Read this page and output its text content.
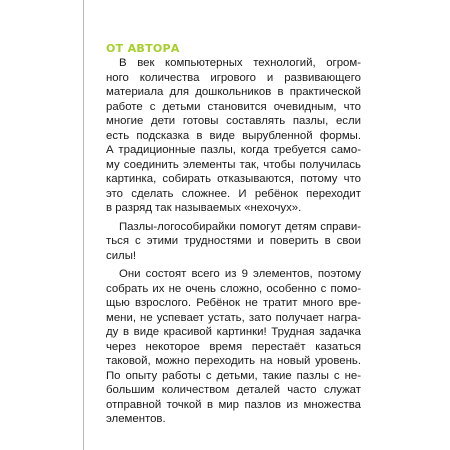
ОТ АВТОРА
В век компьютерных технологий, огром-
ного количества игрового и развивающего
материала для дошкольников в практической
работе с детьми становится очевидным, что
многие дети готовы составлять пазлы, если
есть подсказка в виде вырубленной формы.
А традиционные пазлы, когда требуется само-
му соединить элементы так, чтобы получилась
картинка, собирать отказываются, потому что
это сделать сложнее. И ребёнок переходит
в разряд так называемых «нехочух».
Пазлы-логособирайки помогут детям справи-
ться с этими трудностями и поверить в свои
силы!
Они состоят всего из 9 элементов, поэтому
собрать их не очень сложно, особенно с помо-
щью взрослого. Ребёнок не тратит много вре-
мени, не успевает устать, зато получает награ-
ду в виде красивой картинки! Трудная задачка
через некоторое время перестаёт казаться
таковой, можно переходить на новый уровень.
По опыту работы с детьми, такие пазлы с не-
большим количеством деталей часто служат
отправной точкой в мир пазлов из множества
элементов.
